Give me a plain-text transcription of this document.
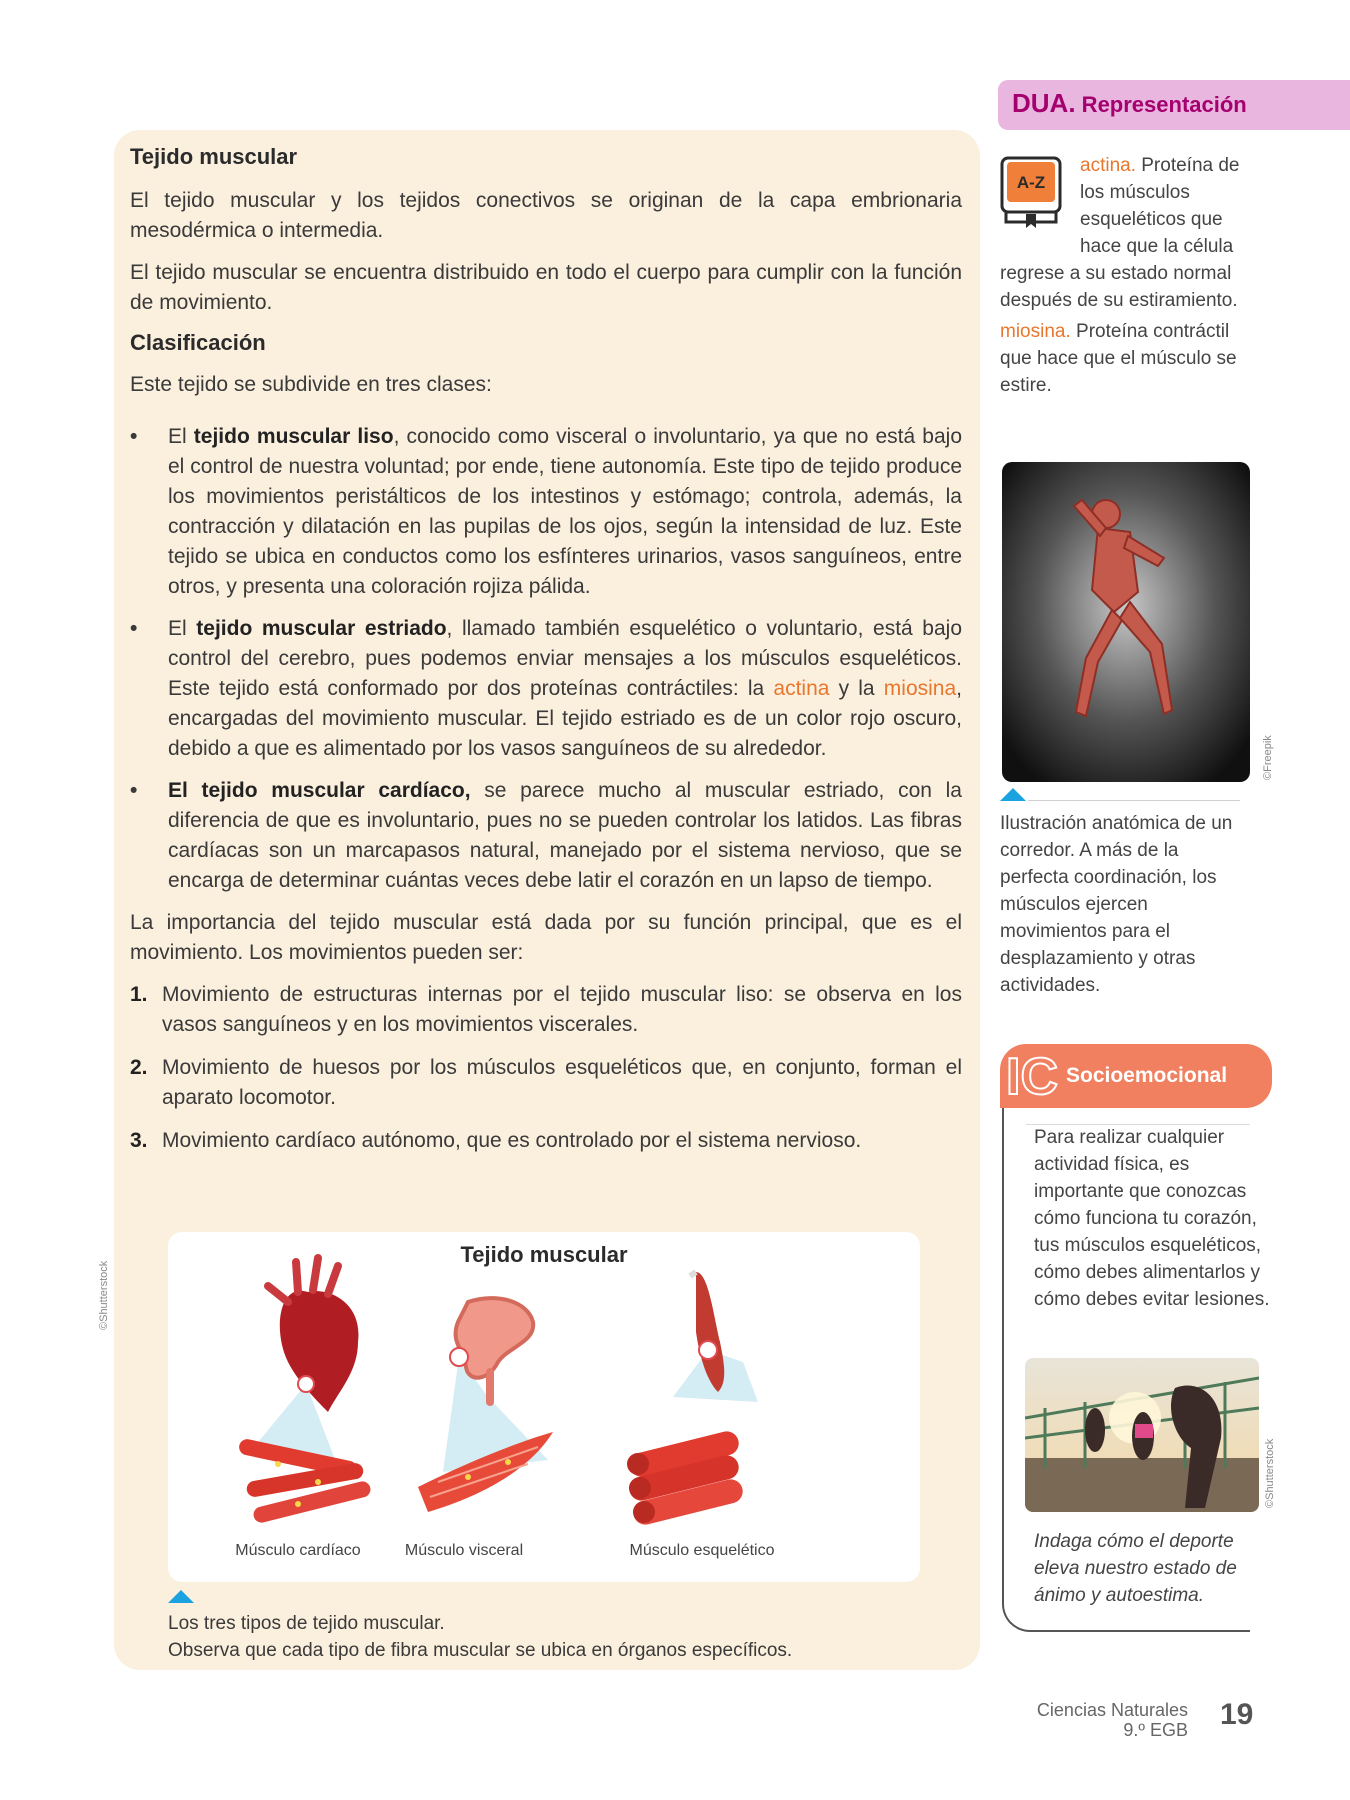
Tejido muscular

El tejido muscular y los tejidos conectivos se originan de la capa embrionaria mesodérmica o intermedia.

El tejido muscular se encuentra distribuido en todo el cuerpo para cumplir con la función de movimiento.

Clasificación

Este tejido se subdivide en tres clases:

• El tejido muscular liso, conocido como visceral o involuntario, ya que no está bajo el control de nuestra voluntad; por ende, tiene autonomía. Este tipo de tejido produce los movimientos peristálticos de los intestinos y estómago; controla, además, la contracción y dilatación en las pupilas de los ojos, según la intensidad de luz. Este tejido se ubica en conductos como los esfínteres urinarios, vasos sanguíneos, entre otros, y presenta una coloración rojiza pálida.
• El tejido muscular estriado, llamado también esquelético o voluntario, está bajo control del cerebro, pues podemos enviar mensajes a los músculos esqueléticos. Este tejido está conformado por dos proteínas contráctiles: la actina y la miosina, encargadas del movimiento muscular. El tejido estriado es de un color rojo oscuro, debido a que es alimentado por los vasos sanguíneos de su alrededor.
• El tejido muscular cardíaco, se parece mucho al muscular estriado, con la diferencia de que es involuntario, pues no se pueden controlar los latidos. Las fibras cardíacas son un marcapasos natural, manejado por el sistema nervioso, que se encarga de determinar cuántas veces debe latir el corazón en un lapso de tiempo.

La importancia del tejido muscular está dada por su función principal, que es el movimiento. Los movimientos pueden ser:

1. Movimiento de estructuras internas por el tejido muscular liso: se observa en los vasos sanguíneos y en los movimientos viscerales.
2. Movimiento de huesos por los músculos esqueléticos que, en conjunto, forman el aparato locomotor.
3. Movimiento cardíaco autónomo, que es controlado por el sistema nervioso.
Tejido muscular
Músculo cardíaco	Músculo visceral	Músculo esquelético
©Shutterstock
Los tres tipos de tejido muscular.
Observa que cada tipo de fibra muscular se ubica en órganos específicos.
DUA. Representación
A-Z
actina. Proteína de
los músculos
esqueléticos que
hace que la célula
regrese a su estado normal después de su estiramiento.
miosina. Proteína contráctil que hace que el músculo se estire.
©Freepik
Ilustración anatómica de un corredor. A más de la perfecta coordinación, los músculos ejercen movimientos para el desplazamiento y otras actividades.
IC Socioemocional
Para realizar cualquier actividad física, es importante que conozcas cómo funciona tu corazón, tus músculos esqueléticos, cómo debes alimentarlos y cómo debes evitar lesiones.
©Shutterstock
Indaga cómo el deporte eleva nuestro estado de ánimo y autoestima.
Ciencias Naturales
9.º EGB 19
